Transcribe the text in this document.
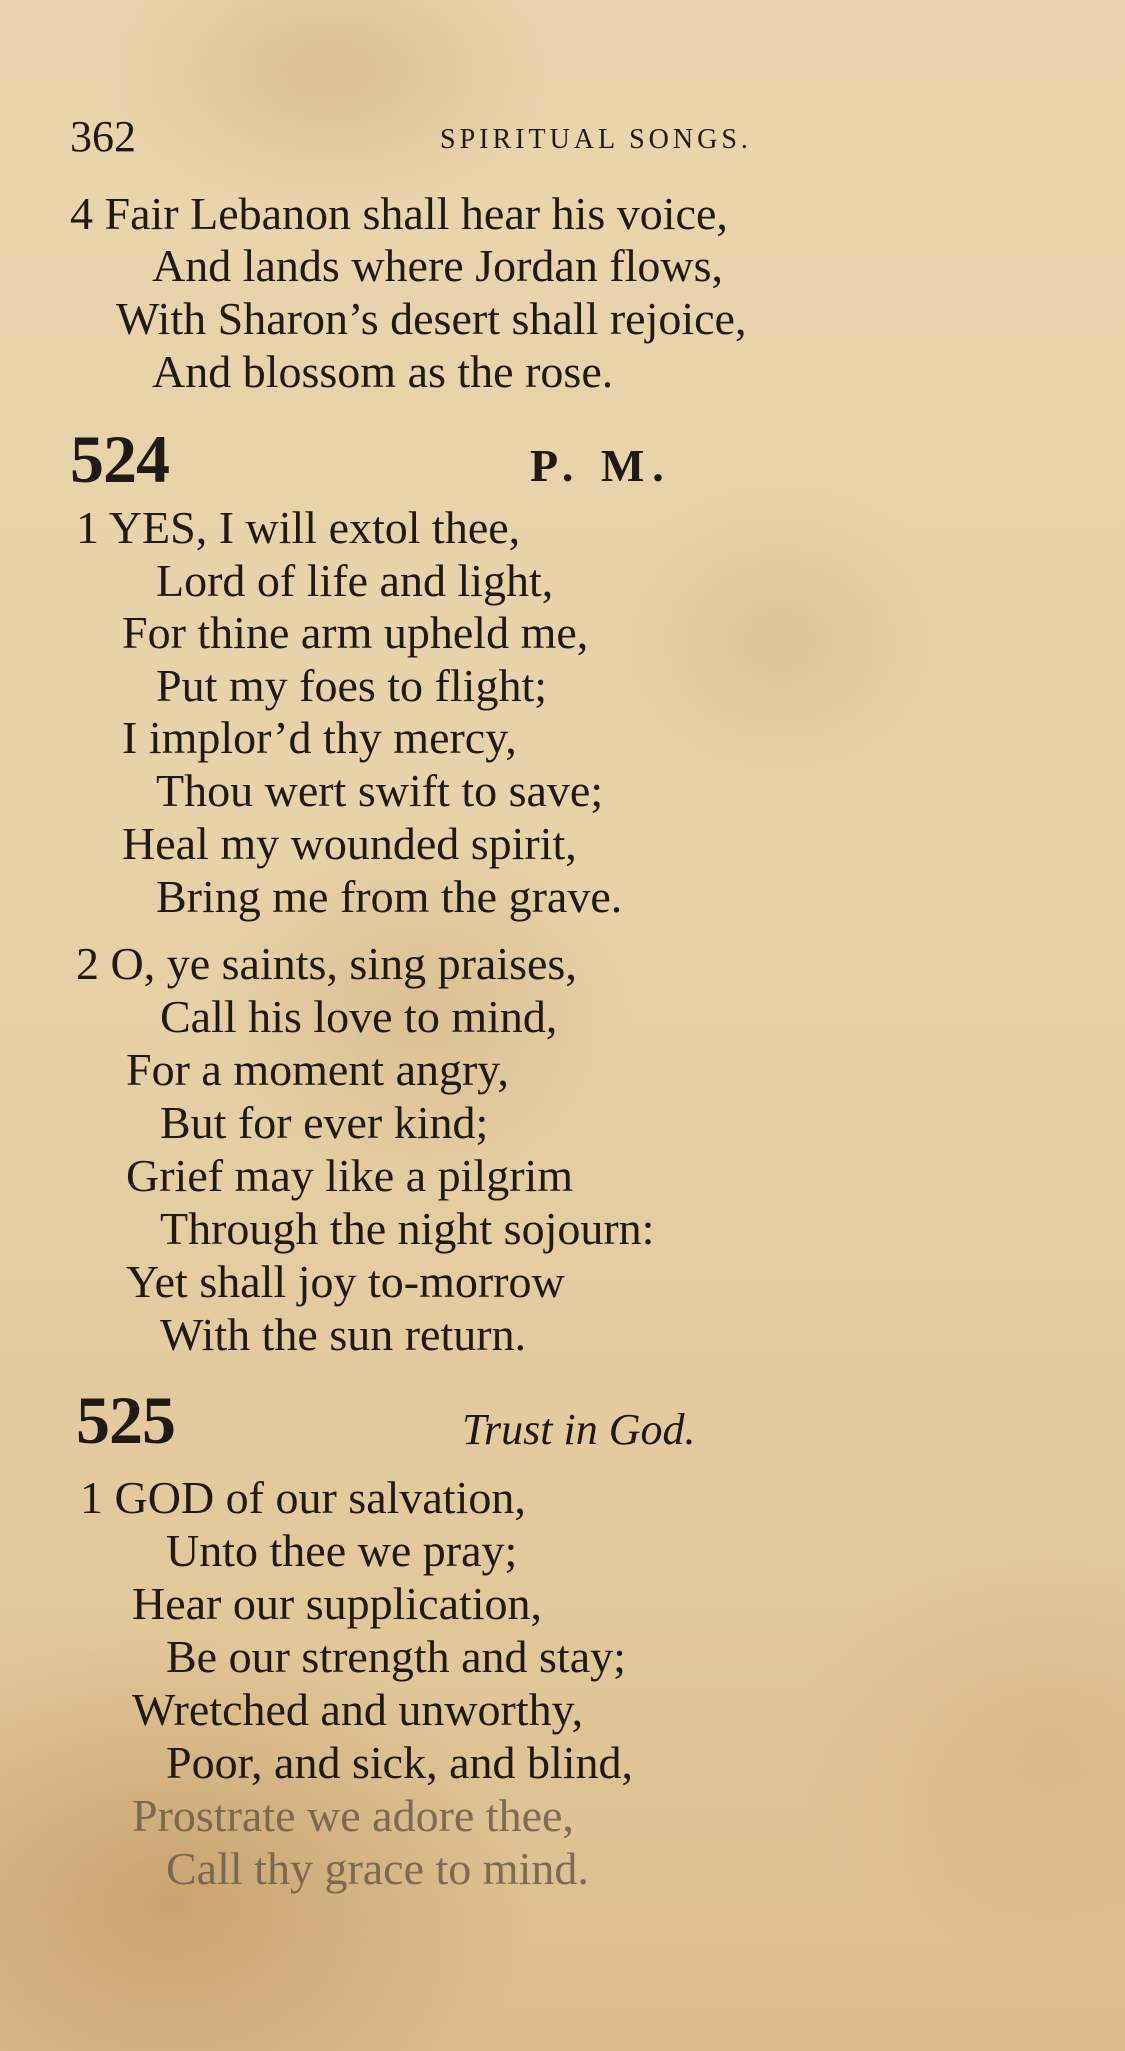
362	SPIRITUAL SONGS.
4 Fair Lebanon shall hear his voice,
And lands where Jordan flows,
With Sharon’s desert shall rejoice,
And blossom as the rose.
524	P. M.
1 YES, I will extol thee,
Lord of life and light,
For thine arm upheld me,
Put my foes to flight;
I implor’d thy mercy,
Thou wert swift to save;
Heal my wounded spirit,
Bring me from the grave.
2 O, ye saints, sing praises,
Call his love to mind,
For a moment angry,
But for ever kind;
Grief may like a pilgrim
Through the night sojourn:
Yet shall joy to-morrow
With the sun return.
525	Trust in God.
1 GOD of our salvation,
Unto thee we pray;
Hear our supplication,
Be our strength and stay;
Wretched and unworthy,
Poor, and sick, and blind,
Prostrate we adore thee,
Call thy grace to mind.
